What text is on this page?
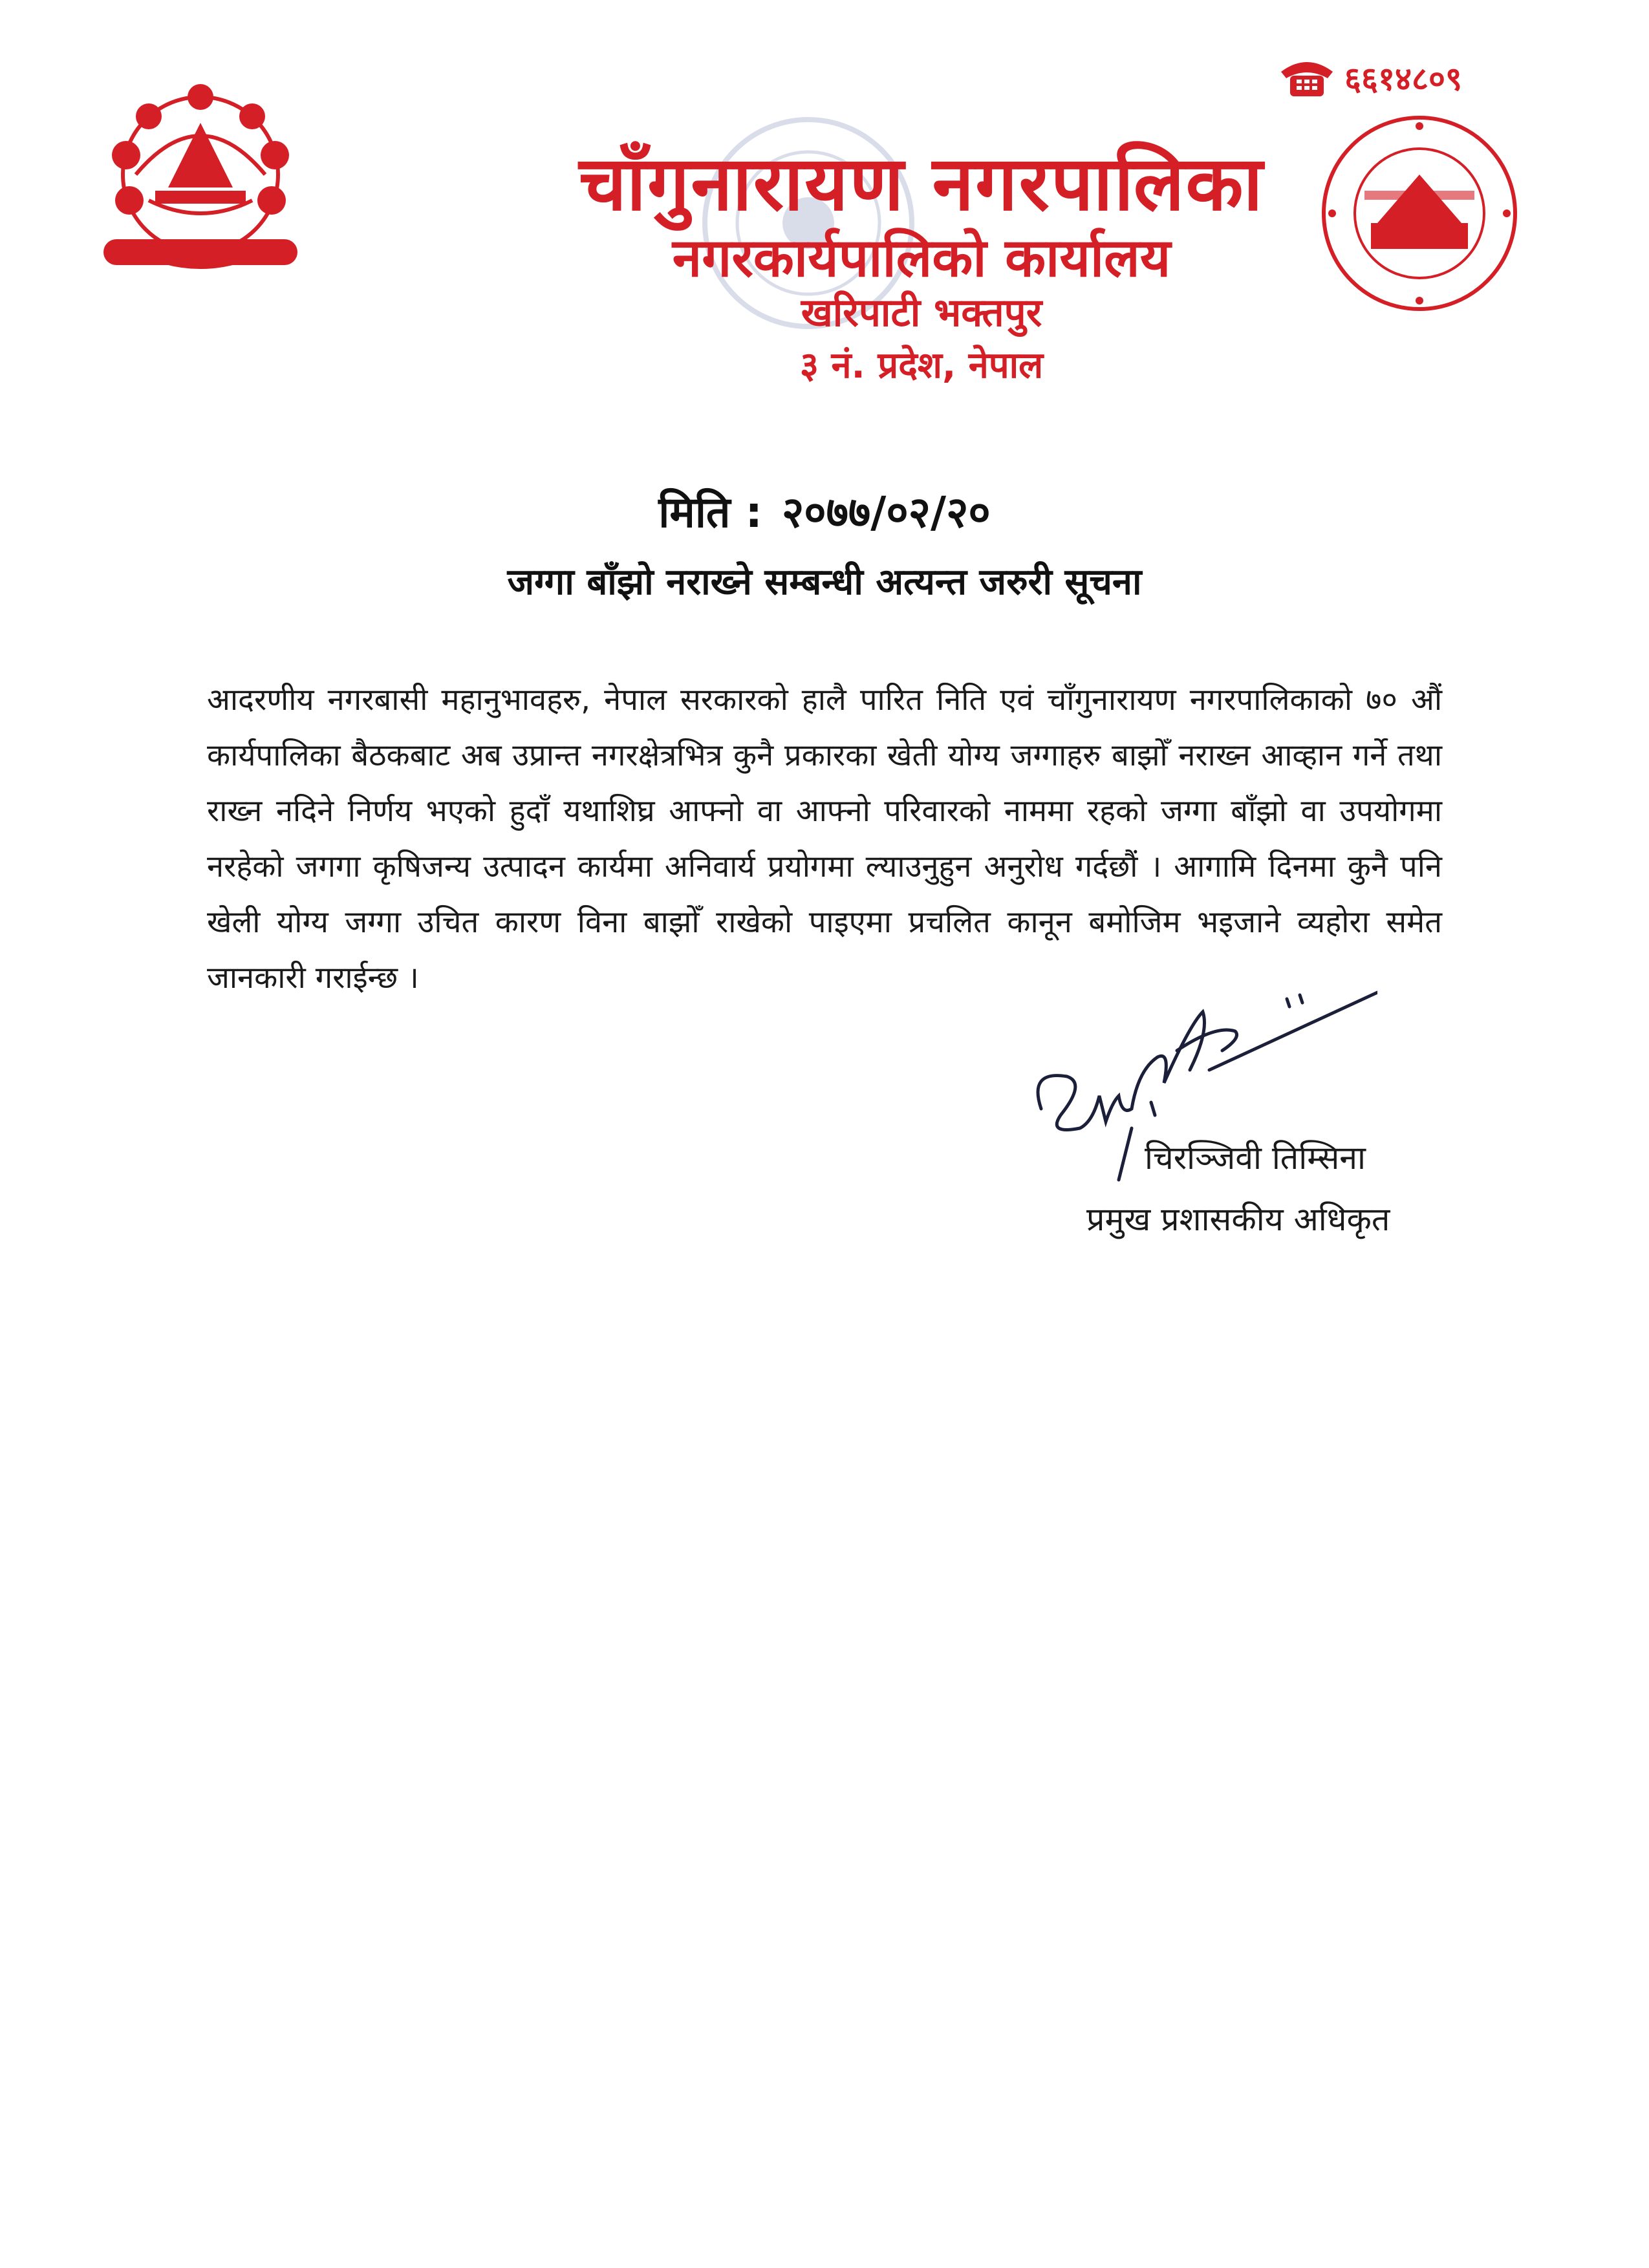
६६१४८०९
चाँगुनारायण नगरपालिका
नगरकार्यपालिको कार्यालय
खरिपाटी भक्तपुर
३ नं. प्रदेश, नेपाल
मिति : २०७७/०२/२०
जग्गा बाँझो नराख्ने सम्बन्धी अत्यन्त जरुरी सूचना
आदरणीय नगरबासी महानुभावहरु, नेपाल सरकारको हालै पारित निति एवं चाँगुनारायण नगरपालिकाको ७० औं कार्यपालिका बैठकबाट अब उप्रान्त नगरक्षेत्रभित्र कुनै प्रकारका खेती योग्य जग्गाहरु बाझोँ नराख्न आव्हान गर्ने तथा राख्न नदिने निर्णय भएको हुदाँ यथाशिघ्र आफ्नो वा आफ्नो परिवारको नाममा रहको जग्गा बाँझो वा उपयोगमा नरहेको जगगा कृषिजन्य उत्पादन कार्यमा अनिवार्य प्रयोगमा ल्याउनुहुन अनुरोध गर्दछौं । आगामि दिनमा कुनै पनि खेली योग्य जग्गा उचित कारण विना बाझोँ राखेको पाइएमा प्रचलित कानून बमोजिम भइजाने व्यहोरा समेत जानकारी गराईन्छ ।
चिरञ्जिवी तिम्सिना
प्रमुख प्रशासकीय अधिकृत
